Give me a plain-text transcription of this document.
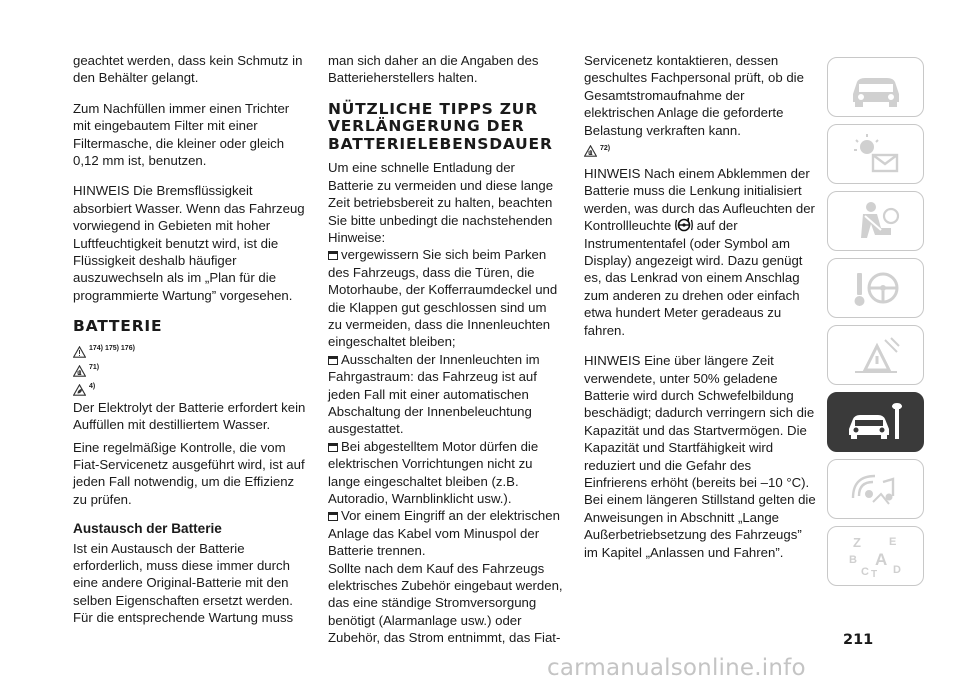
geachtet werden, dass kein Schmutz in den Behälter gelangt.

Zum Nachfüllen immer einen Trichter mit eingebautem Filter mit einer Filtermasche, die kleiner oder gleich 0,12 mm ist, benutzen.

HINWEIS Die Bremsflüssigkeit absorbiert Wasser. Wenn das Fahrzeug vorwiegend in Gebieten mit hoher Luftfeuchtigkeit benutzt wird, ist die Flüssigkeit deshalb häufiger auszuwechseln als im „Plan für die programmierte Wartung” vorgesehen.

BATTERIE
174) 175) 176)
71)
4)

Der Elektrolyt der Batterie erfordert kein Auffüllen mit destilliertem Wasser.

Eine regelmäßige Kontrolle, die vom Fiat-Servicenetz ausgeführt wird, ist auf jeden Fall notwendig, um die Effizienz zu prüfen.

Austausch der Batterie

Ist ein Austausch der Batterie erforderlich, muss diese immer durch eine andere Original-Batterie mit den selben Eigenschaften ersetzt werden. Für die entsprechende Wartung muss

man sich daher an die Angaben des Batterieherstellers halten.

NÜTZLICHE TIPPS ZUR VERLÄNGERUNG DER BATTERIELEBENSDAUER

Um eine schnelle Entladung der Batterie zu vermeiden und diese lange Zeit betriebsbereit zu halten, beachten Sie bitte unbedingt die nachstehenden Hinweise:

vergewissern Sie sich beim Parken des Fahrzeugs, dass die Türen, die Motorhaube, der Kofferraumdeckel und die Klappen gut geschlossen sind um zu vermeiden, dass die Innenleuchten eingeschaltet bleiben;
Ausschalten der Innenleuchten im Fahrgastraum: das Fahrzeug ist auf jeden Fall mit einer automatischen Abschaltung der Innenbeleuchtung ausgestattet.
Bei abgestelltem Motor dürfen die elektrischen Vorrichtungen nicht zu lange eingeschaltet bleiben (z.B. Autoradio, Warnblinklicht usw.).
Vor einem Eingriff an der elektrischen Anlage das Kabel vom Minuspol der Batterie trennen.

Sollte nach dem Kauf des Fahrzeugs elektrisches Zubehör eingebaut werden, das eine ständige Stromversorgung benötigt (Alarmanlage usw.) oder Zubehör, das Strom entnimmt, das Fiat-

Servicenetz kontaktieren, dessen geschultes Fachpersonal prüft, ob die Gesamtstromaufnahme der elektrischen Anlage die geforderte Belastung verkraften kann.

72)

HINWEIS Nach einem Abklemmen der Batterie muss die Lenkung initialisiert werden, was durch das Aufleuchten der Kontrollleuchte auf der Instrumententafel (oder Symbol am Display) angezeigt wird. Dazu genügt es, das Lenkrad von einem Anschlag zum anderen zu drehen oder einfach etwa hundert Meter geradeaus zu fahren.

HINWEIS Eine über längere Zeit verwendete, unter 50% geladene Batterie wird durch Schwefelbildung beschädigt; dadurch verringern sich die Kapazität und das Startvermögen. Die Kapazität und Startfähigkeit wird reduziert und die Gefahr des Einfrierens erhöht (bereits bei –10 °C). Bei einem längeren Stillstand gelten die Anweisungen in Abschnitt „Lange Außerbetriebsetzung des Fahrzeugs” im Kapitel „Anlassen und Fahren”.

Z	E
B A
C T D
211
carmanualsonline.info
